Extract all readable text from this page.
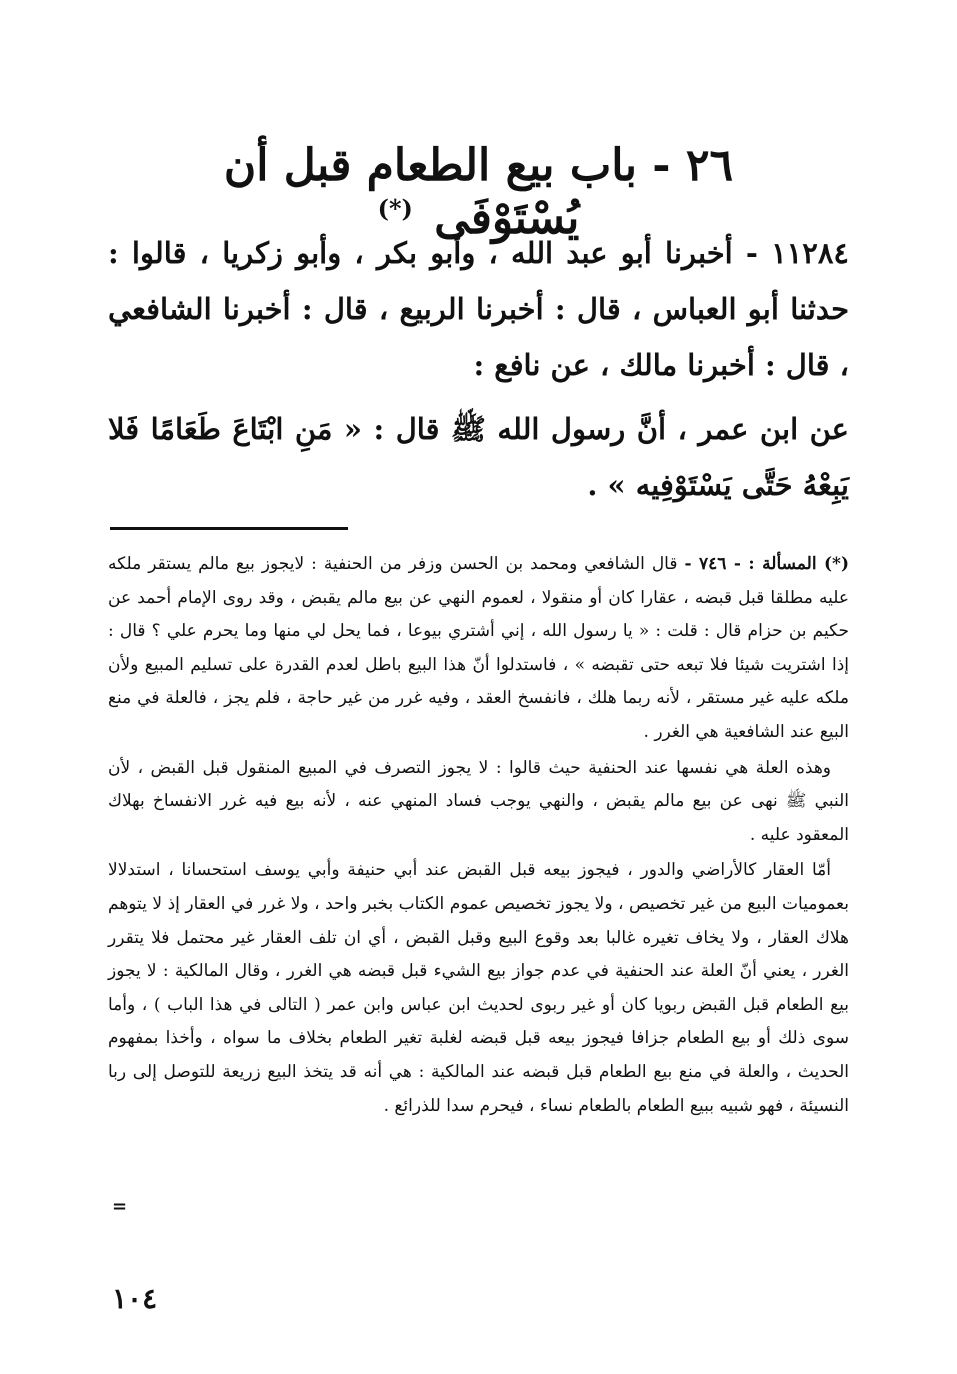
٢٦ - باب بيع الطعام قبل أن يُسْتَوْفَى (*)

١١٢٨٤ - أخبرنا أبو عبد الله ، وأبو بكر ، وأبو زكريا ، قالوا : حدثنا أبو العباس ، قال : أخبرنا الربيع ، قال : أخبرنا الشافعي ، قال : أخبرنا مالك ، عن نافع :

عن ابن عمر ، أنَّ رسول الله ﷺ قال : « مَنِ ابْتَاعَ طَعَامًا فَلا يَبِعْهُ حَتَّى يَسْتَوْفِيه » .

(*) المسألة : - ٧٤٦ - قال الشافعي ومحمد بن الحسن وزفر من الحنفية : لايجوز بيع مالم يستقر ملكه عليه مطلقا قبل قبضه ، عقارا كان أو منقولا ، لعموم النهي عن بيع مالم يقبض ، وقد روى الإمام أحمد عن حكيم بن حزام قال : قلت : « يا رسول الله ، إني أشتري بيوعا ، فما يحل لي منها وما يحرم علي ؟ قال : إذا اشتريت شيئا فلا تبعه حتى تقبضه » ، فاستدلوا أنّ هذا البيع باطل لعدم القدرة على تسليم المبيع ولأن ملكه عليه غير مستقر ، لأنه ربما هلك ، فانفسخ العقد ، وفيه غرر من غير حاجة ، فلم يجز ، فالعلة في منع البيع عند الشافعية هي الغرر .

وهذه العلة هي نفسها عند الحنفية حيث قالوا : لا يجوز التصرف في المبيع المنقول قبل القبض ، لأن النبي ﷺ نهى عن بيع مالم يقبض ، والنهي يوجب فساد المنهي عنه ، لأنه بيع فيه غرر الانفساخ بهلاك المعقود عليه .

أمّا العقار كالأراضي والدور ، فيجوز بيعه قبل القبض عند أبي حنيفة وأبي يوسف استحسانا ، استدلالا بعموميات البيع من غير تخصيص ، ولا يجوز تخصيص عموم الكتاب بخبر واحد ، ولا غرر في العقار إذ لا يتوهم هلاك العقار ، ولا يخاف تغيره غالبا بعد وقوع البيع وقبل القبض ، أي ان تلف العقار غير محتمل فلا يتقرر الغرر ، يعني أنّ العلة عند الحنفية في عدم جواز بيع الشيء قبل قبضه هي الغرر ، وقال المالكية : لا يجوز بيع الطعام قبل القبض ربويا كان أو غير ربوى لحديث ابن عباس وابن عمر ( التالى في هذا الباب ) ، وأما سوى ذلك أو بيع الطعام جزافا فيجوز بيعه قبل قبضه لغلبة تغير الطعام بخلاف ما سواه ، وأخذا بمفهوم الحديث ، والعلة في منع بيع الطعام قبل قبضه عند المالكية : هي أنه قد يتخذ البيع زريعة للتوصل إلى ربا النسيئة ، فهو شبيه ببيع الطعام بالطعام نساء ، فيحرم سدا للذرائع .

=
١٠٤
